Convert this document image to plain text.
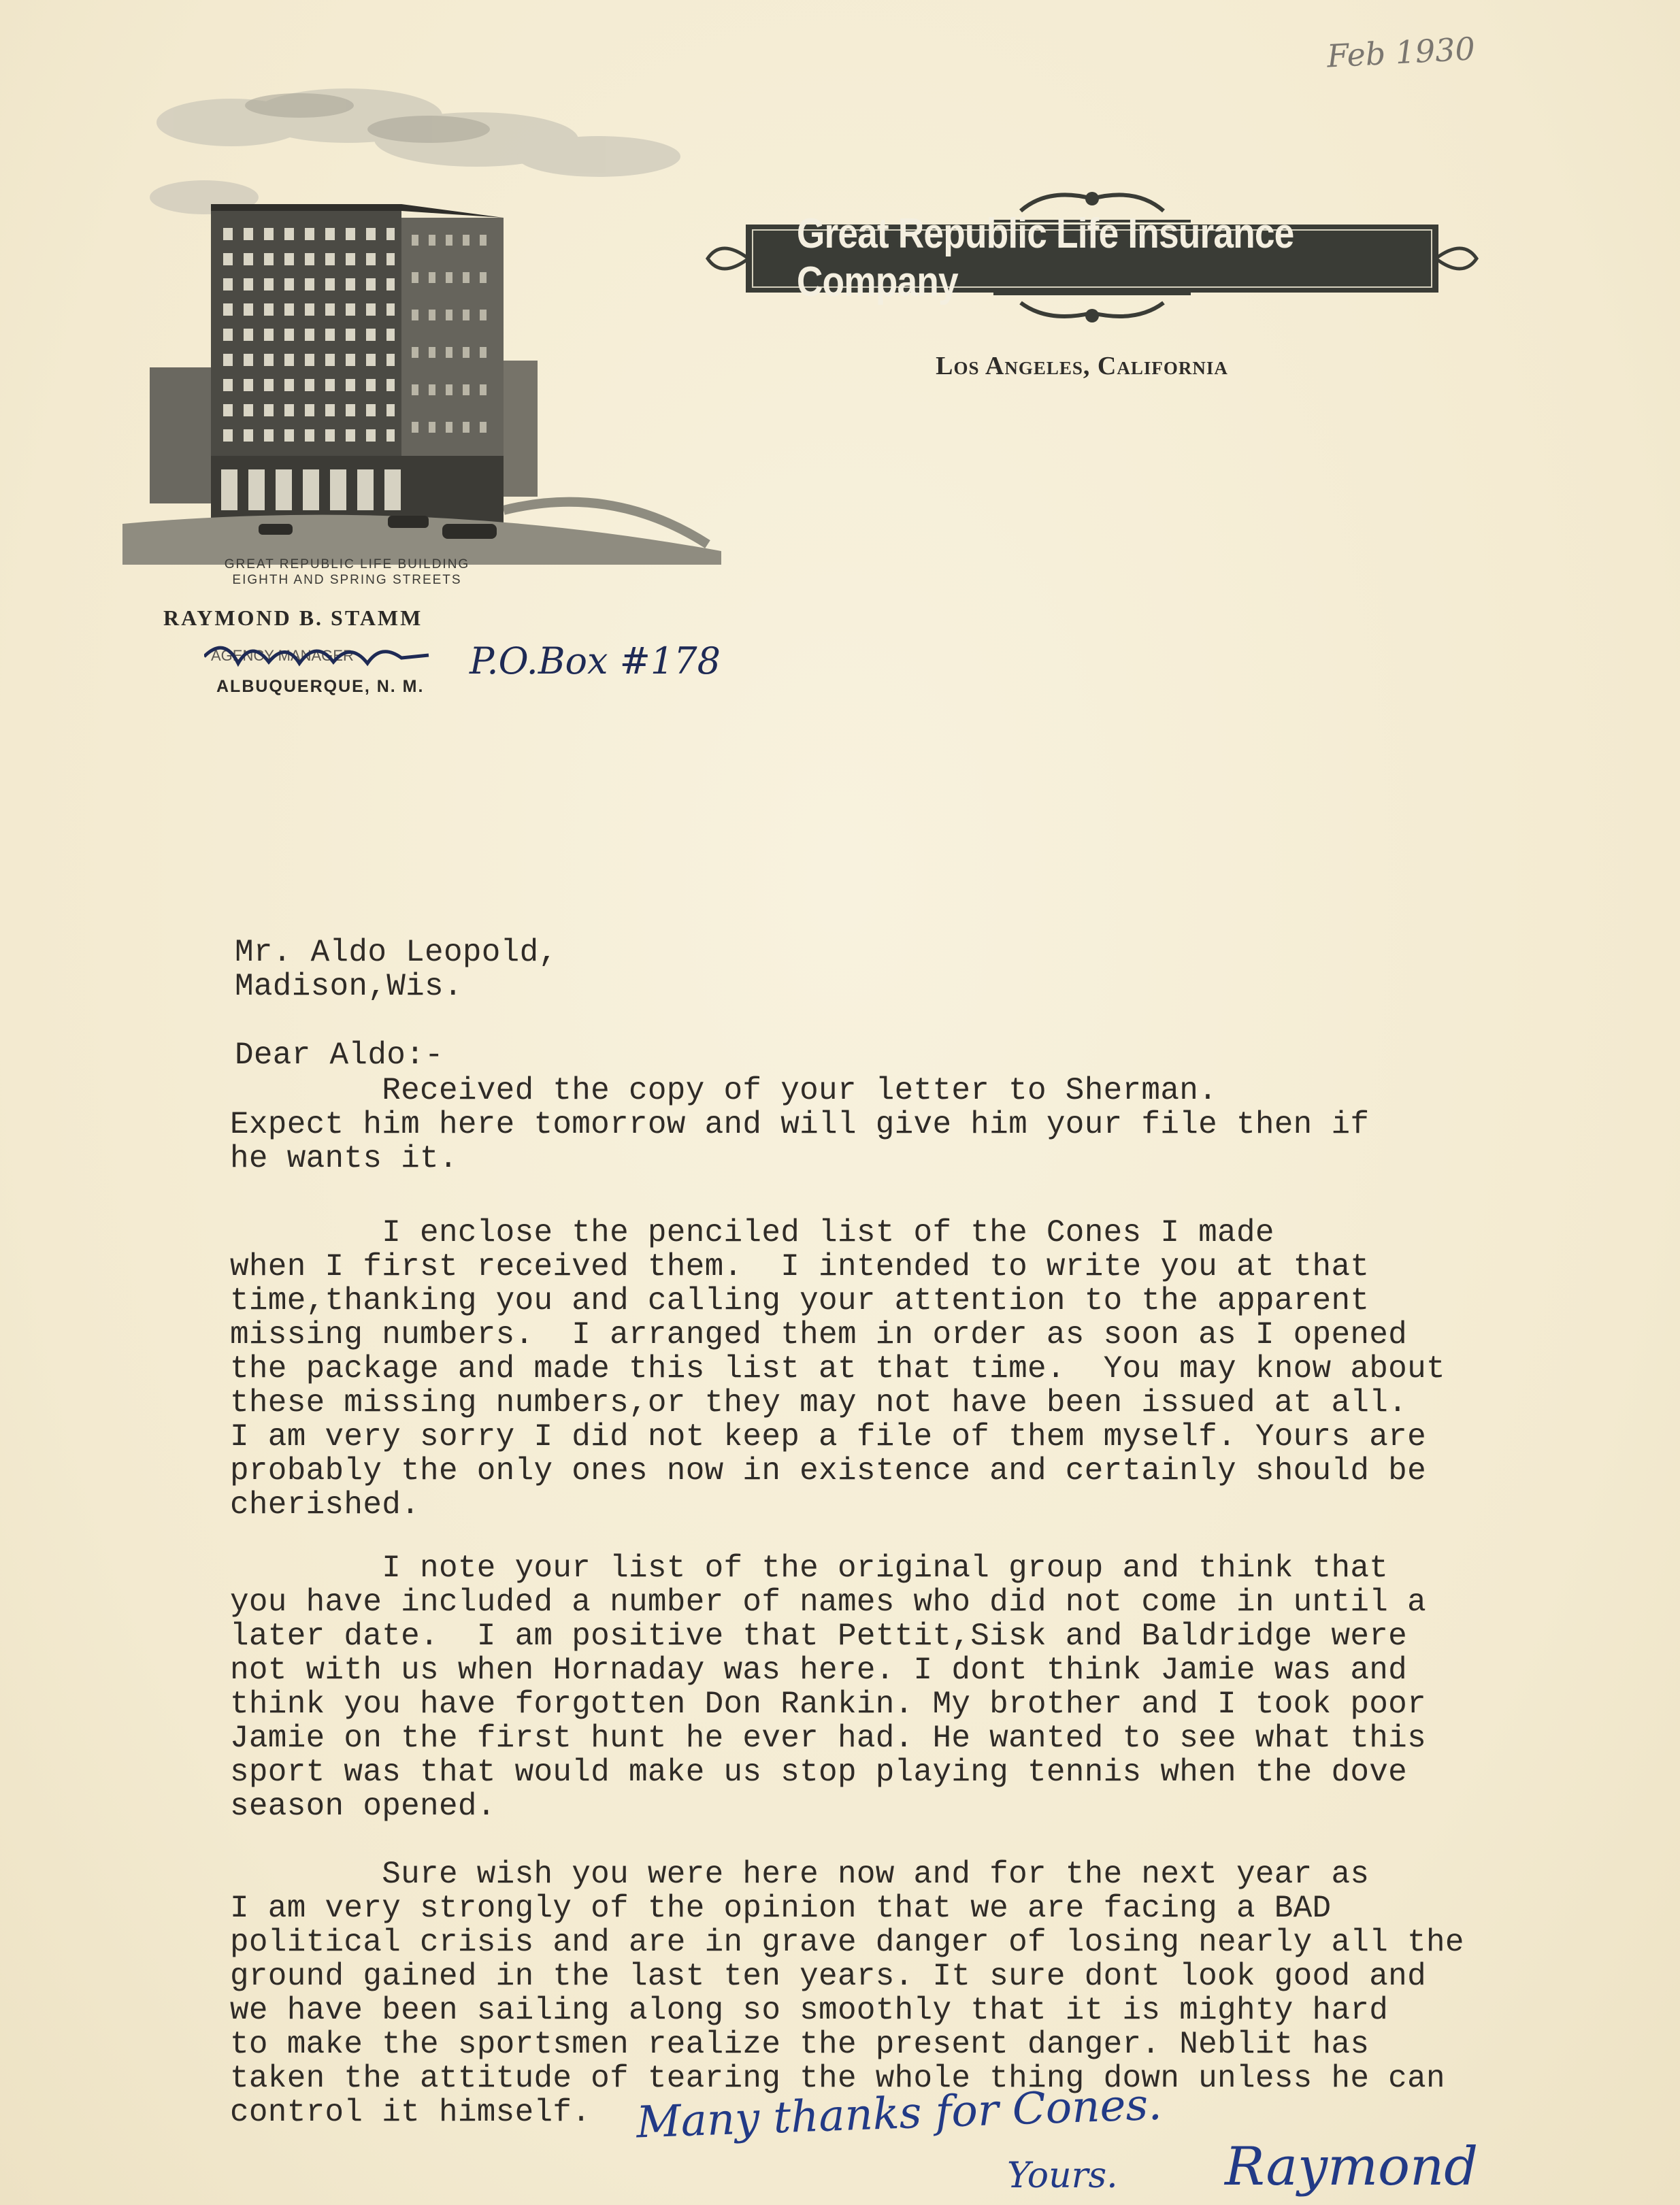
Feb 1930
GREAT REPUBLIC LIFE BUILDING
EIGHTH AND SPRING STREETS
Great Republic Life Insurance Company
Los Angeles, California
RAYMOND B. STAMM
AGENCY MANAGER	P.O.Box #178
ALBUQUERQUE, N. M.
Mr. Aldo Leopold,
Madison,Wis.
Dear Aldo:-
Received the copy of your letter to Sherman.
Expect him here tomorrow and will give him your file then if
he wants it.
I enclose the penciled list of the Cones I made
when I first received them.  I intended to write you at that
time,thanking you and calling your attention to the apparent
missing numbers.  I arranged them in order as soon as I opened
the package and made this list at that time.  You may know about
these missing numbers,or they may not have been issued at all.
I am very sorry I did not keep a file of them myself. Yours are
probably the only ones now in existence and certainly should be
cherished.
I note your list of the original group and think that
you have included a number of names who did not come in until a
later date.  I am positive that Pettit,Sisk and Baldridge were
not with us when Hornaday was here. I dont think Jamie was and
think you have forgotten Don Rankin. My brother and I took poor
Jamie on the first hunt he ever had. He wanted to see what this
sport was that would make us stop playing tennis when the dove
season opened.
Sure wish you were here now and for the next year as
I am very strongly of the opinion that we are facing a BAD
political crisis and are in grave danger of losing nearly all the
ground gained in the last ten years. It sure dont look good and
we have been sailing along so smoothly that it is mighty hard
to make the sportsmen realize the present danger. Neblit has
taken the attitude of tearing the whole thing down unless he can
control it himself.	Many thanks for Cones.
Yours. Raymond
